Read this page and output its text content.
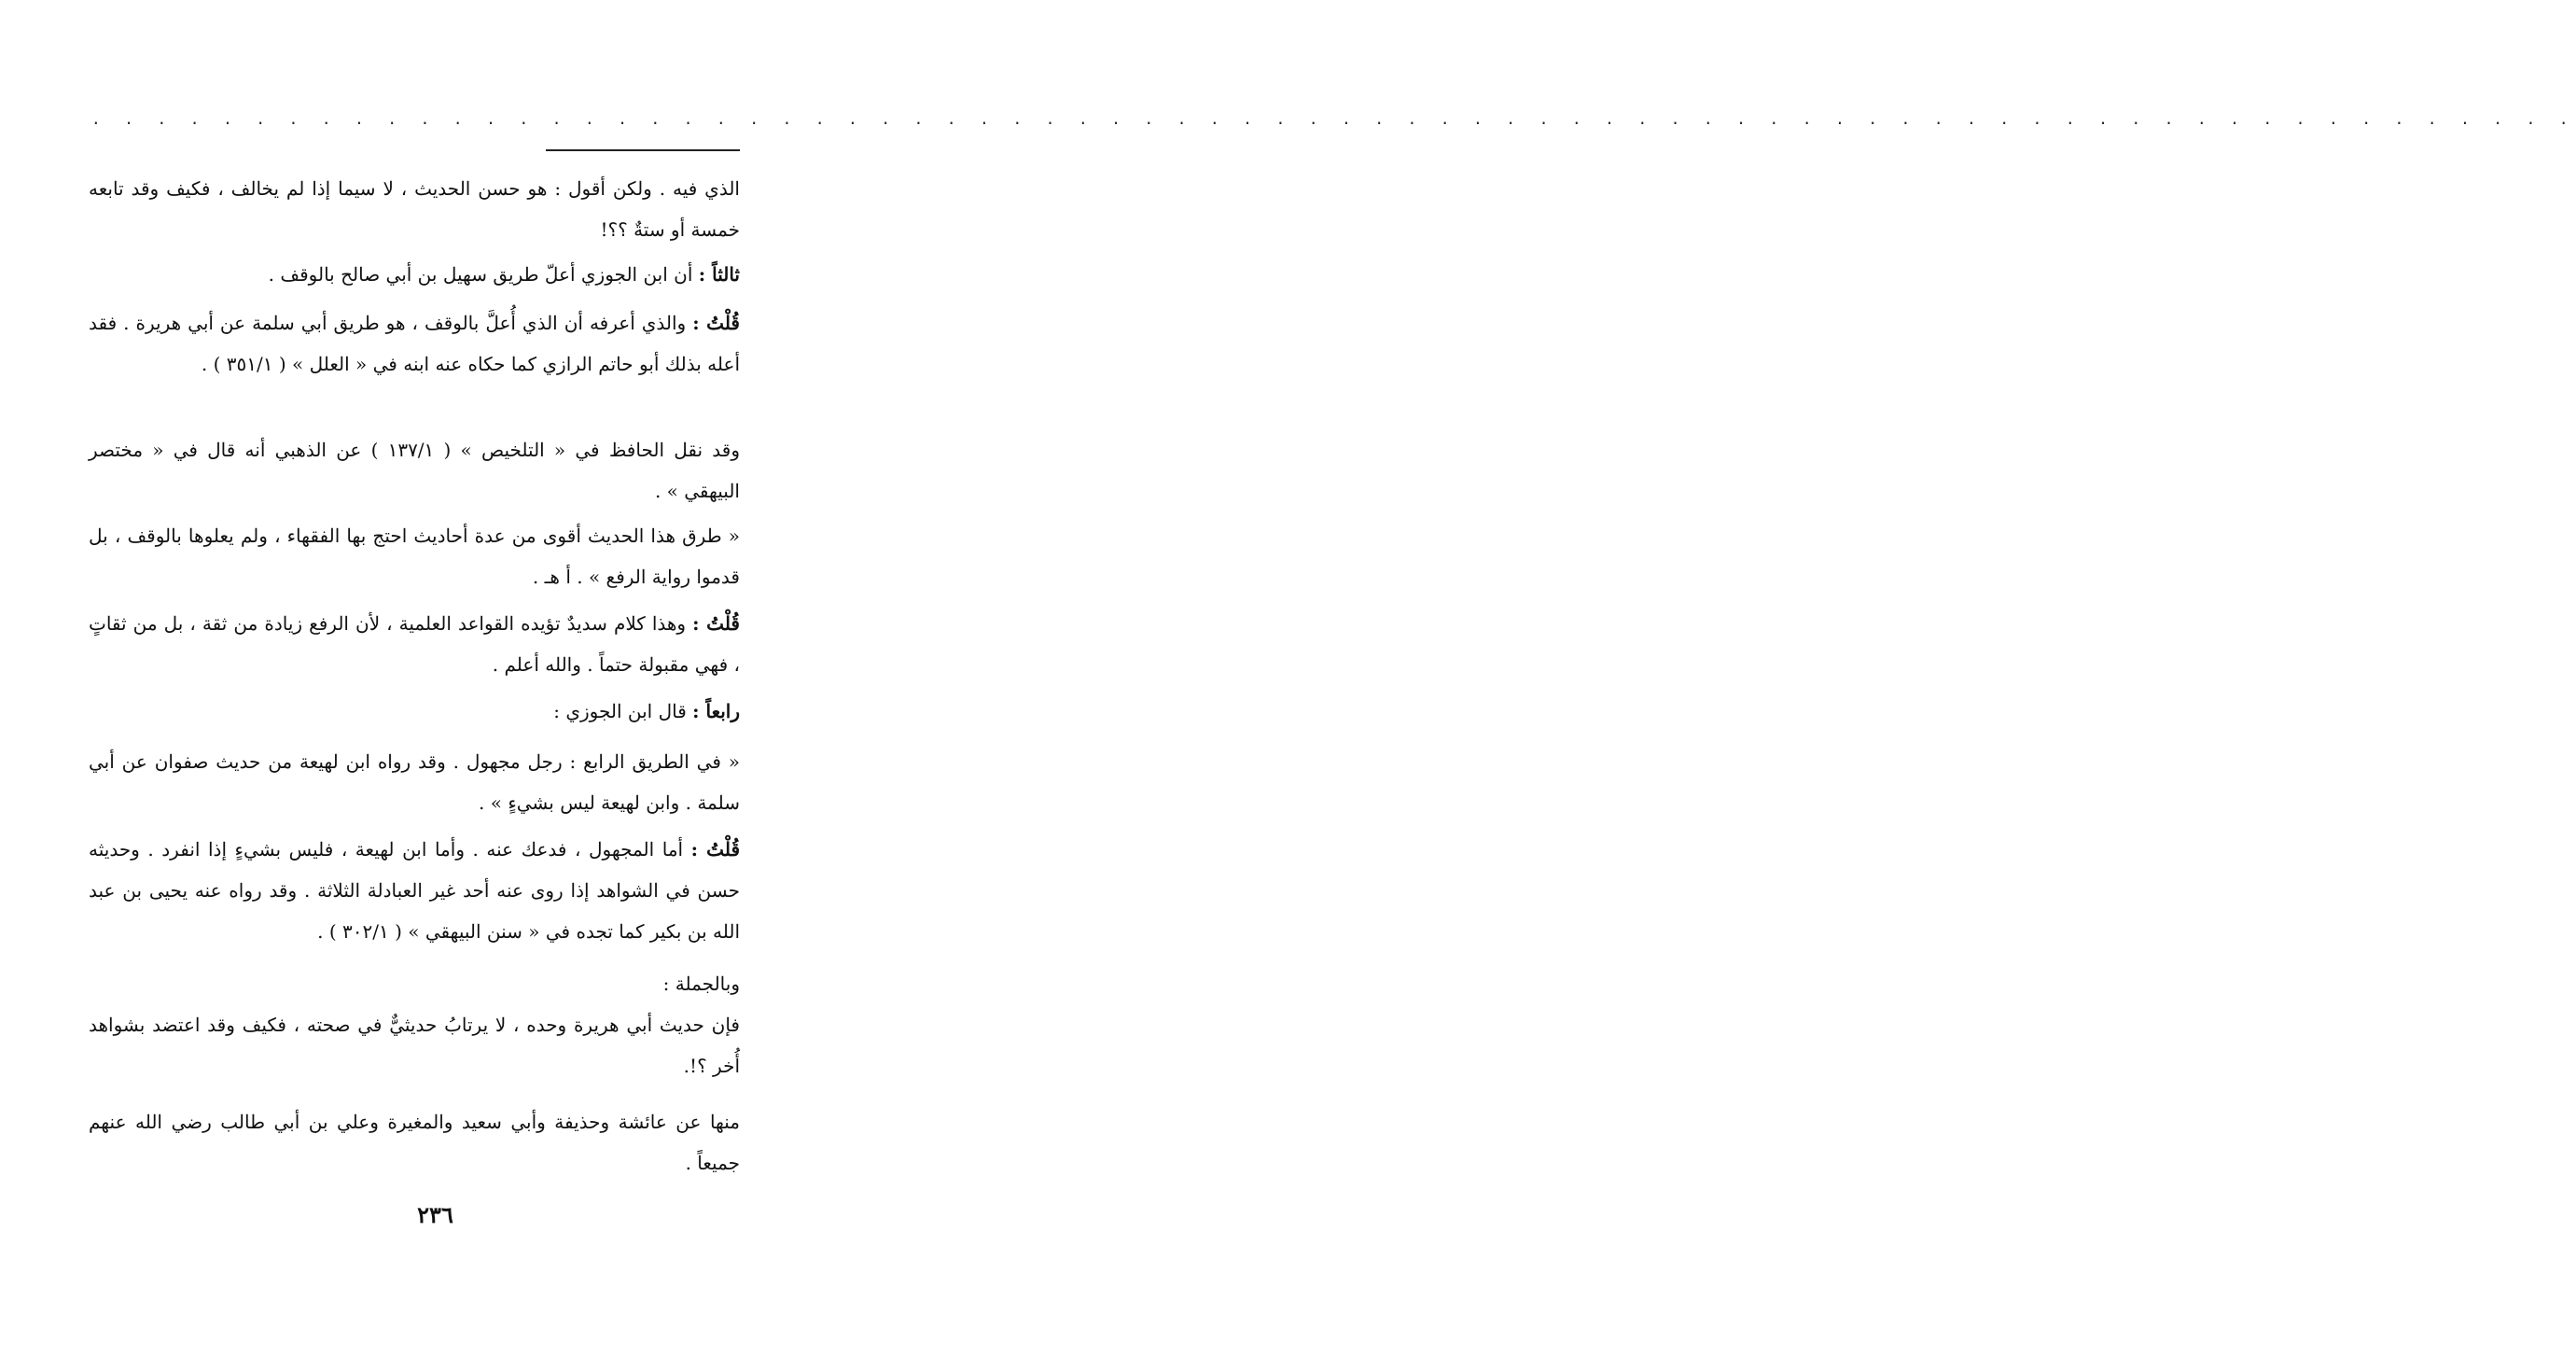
. . . . . . . . . . . . . . . . . . . . . . . . . . . . . . . . . . . . . . . . . . . . . . . . . . . . . . . . . . . . . . . . . . . . . . . . . . . .
الذي فيه . ولكن أقول : هو حسن الحديث ، لا سيما إذا لم يخالف ، فكيف وقد تابعه خمسة أو ستةٌ ؟؟!
ثالثاً : أن ابن الجوزي أعلّ طريق سهيل بن أبي صالح بالوقف .
قُلْتُ : والذي أعرفه أن الذي أُعلَّ بالوقف ، هو طريق أبي سلمة عن أبي هريرة . فقد أعله بذلك أبو حاتم الرازي كما حكاه عنه ابنه في « العلل » ( ٣٥١/١ ) .
وقد نقل الحافظ في « التلخيص » ( ١٣٧/١ ) عن الذهبي أنه قال في « مختصر البيهقي » .
« طرق هذا الحديث أقوى من عدة أحاديث احتج بها الفقهاء ، ولم يعلوها بالوقف ، بل قدموا رواية الرفع » . أ هـ .
قُلْتُ : وهذا كلام سديدٌ تؤيده القواعد العلمية ، لأن الرفع زيادة من ثقة ، بل من ثقاتٍ ، فهي مقبولة حتماً . والله أعلم .
رابعاً : قال ابن الجوزي :
« في الطريق الرابع : رجل مجهول . وقد رواه ابن لهيعة من حديث صفوان عن أبي سلمة . وابن لهيعة ليس بشيءٍ » .
قُلْتُ : أما المجهول ، فدعك عنه . وأما ابن لهيعة ، فليس بشيءٍ إذا انفرد . وحديثه حسن في الشواهد إذا روى عنه أحد غير العبادلة الثلاثة . وقد رواه عنه يحيى بن عبد الله بن بكير كما تجده في « سنن البيهقي » ( ٣٠٢/١ ) .
وبالجملة :
فإن حديث أبي هريرة وحده ، لا يرتابُ حديثيٌّ في صحته ، فكيف وقد اعتضد بشواهد أُخر ؟!.
منها عن عائشة وحذيفة وأبي سعيد والمغيرة وعلي بن أبي طالب رضي الله عنهم جميعاً .
٢٣٦
